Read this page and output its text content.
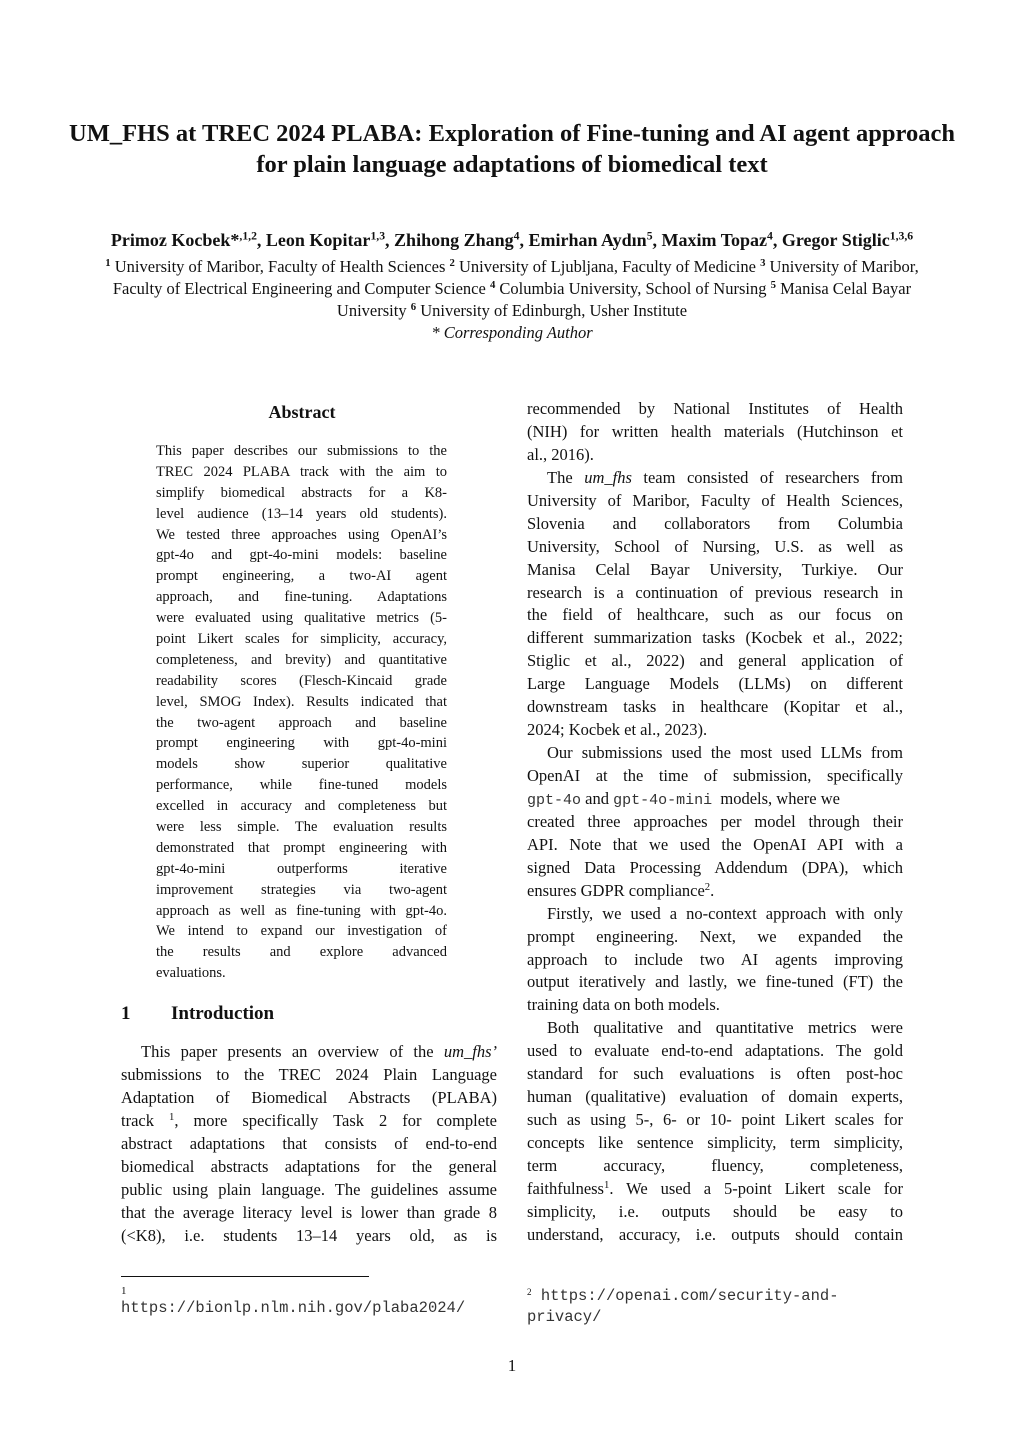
UM_FHS at TREC 2024 PLABA: Exploration of Fine-tuning and AI agent approach
for plain language adaptations of biomedical text
Primoz Kocbek*$^{,1,2}$, Leon Kopitar$^{1,3}$, Zhihong Zhang$^4$, Emirhan Aydın$^5$, Maxim Topaz$^4$, Gregor Stiglic$^{1,3,6}$
$^1$ University of Maribor, Faculty of Health Sciences $^2$ University of Ljubljana, Faculty of Medicine $^3$ University of Maribor,
Faculty of Electrical Engineering and Computer Science $^4$ Columbia University, School of Nursing $^5$ Manisa Celal Bayar
University $^6$ University of Edinburgh, Usher Institute
* Corresponding Author
Abstract
This paper describes our submissions to the
TREC 2024 PLABA track with the aim to
simplify biomedical abstracts for a K8-
level audience (13–14 years old students).
We tested three approaches using OpenAI’s
gpt-4o and gpt-4o-mini models: baseline
prompt engineering, a two-AI agent
approach, and fine-tuning. Adaptations
were evaluated using qualitative metrics (5-
point Likert scales for simplicity, accuracy,
completeness, and brevity) and quantitative
readability scores (Flesch-Kincaid grade
level, SMOG Index). Results indicated that
the two-agent approach and baseline
prompt engineering with gpt-4o-mini
models show superior qualitative
performance, while fine-tuned models
excelled in accuracy and completeness but
were less simple. The evaluation results
demonstrated that prompt engineering with
gpt-4o-mini outperforms iterative
improvement strategies via two-agent
approach as well as fine-tuning with gpt-4o.
We intend to expand our investigation of
the results and explore advanced
evaluations.
1 Introduction
This paper presents an overview of the um_fhs’
submissions to the TREC 2024 Plain Language
Adaptation of Biomedical Abstracts (PLABA)
track $^1$, more specifically Task 2 for complete
abstract adaptations that consists of end-to-end
biomedical abstracts adaptations for the general
public using plain language. The guidelines assume
that the average literacy level is lower than grade 8
(<K8), i.e. students 13–14 years old, as is
recommended by National Institutes of Health
(NIH) for written health materials (Hutchinson et
al., 2016).
The um_fhs team consisted of researchers from
University of Maribor, Faculty of Health Sciences,
Slovenia and collaborators from Columbia
University, School of Nursing, U.S. as well as
Manisa Celal Bayar University, Turkiye. Our
research is a continuation of previous research in
the field of healthcare, such as our focus on
different summarization tasks (Kocbek et al., 2022;
Stiglic et al., 2022) and general application of
Large Language Models (LLMs) on different
downstream tasks in healthcare (Kopitar et al.,
2024; Kocbek et al., 2023).
Our submissions used the most used LLMs from
OpenAI at the time of submission, specifically
gpt-4o and gpt-4o-mini  models, where we
created three approaches per model through their
API. Note that we used the OpenAI API with a
signed Data Processing Addendum (DPA), which
ensures GDPR compliance$^2$.
Firstly, we used a no-context approach with only
prompt engineering. Next, we expanded the
approach to include two AI agents improving
output iteratively and lastly, we fine-tuned (FT) the
training data on both models.
Both qualitative and quantitative metrics were
used to evaluate end-to-end adaptations. The gold
standard for such evaluations is often post-hoc
human (qualitative) evaluation of domain experts,
such as using 5-, 6- or 10- point Likert scales for
concepts like sentence simplicity, term simplicity,
term accuracy, fluency, completeness,
faithfulness$^1$. We used a 5-point Likert scale for
simplicity, i.e. outputs should be easy to
understand, accuracy, i.e. outputs should contain
1
https://bionlp.nlm.nih.gov/plaba2024/
$^2$ https://openai.com/security-and-
privacy/
1
